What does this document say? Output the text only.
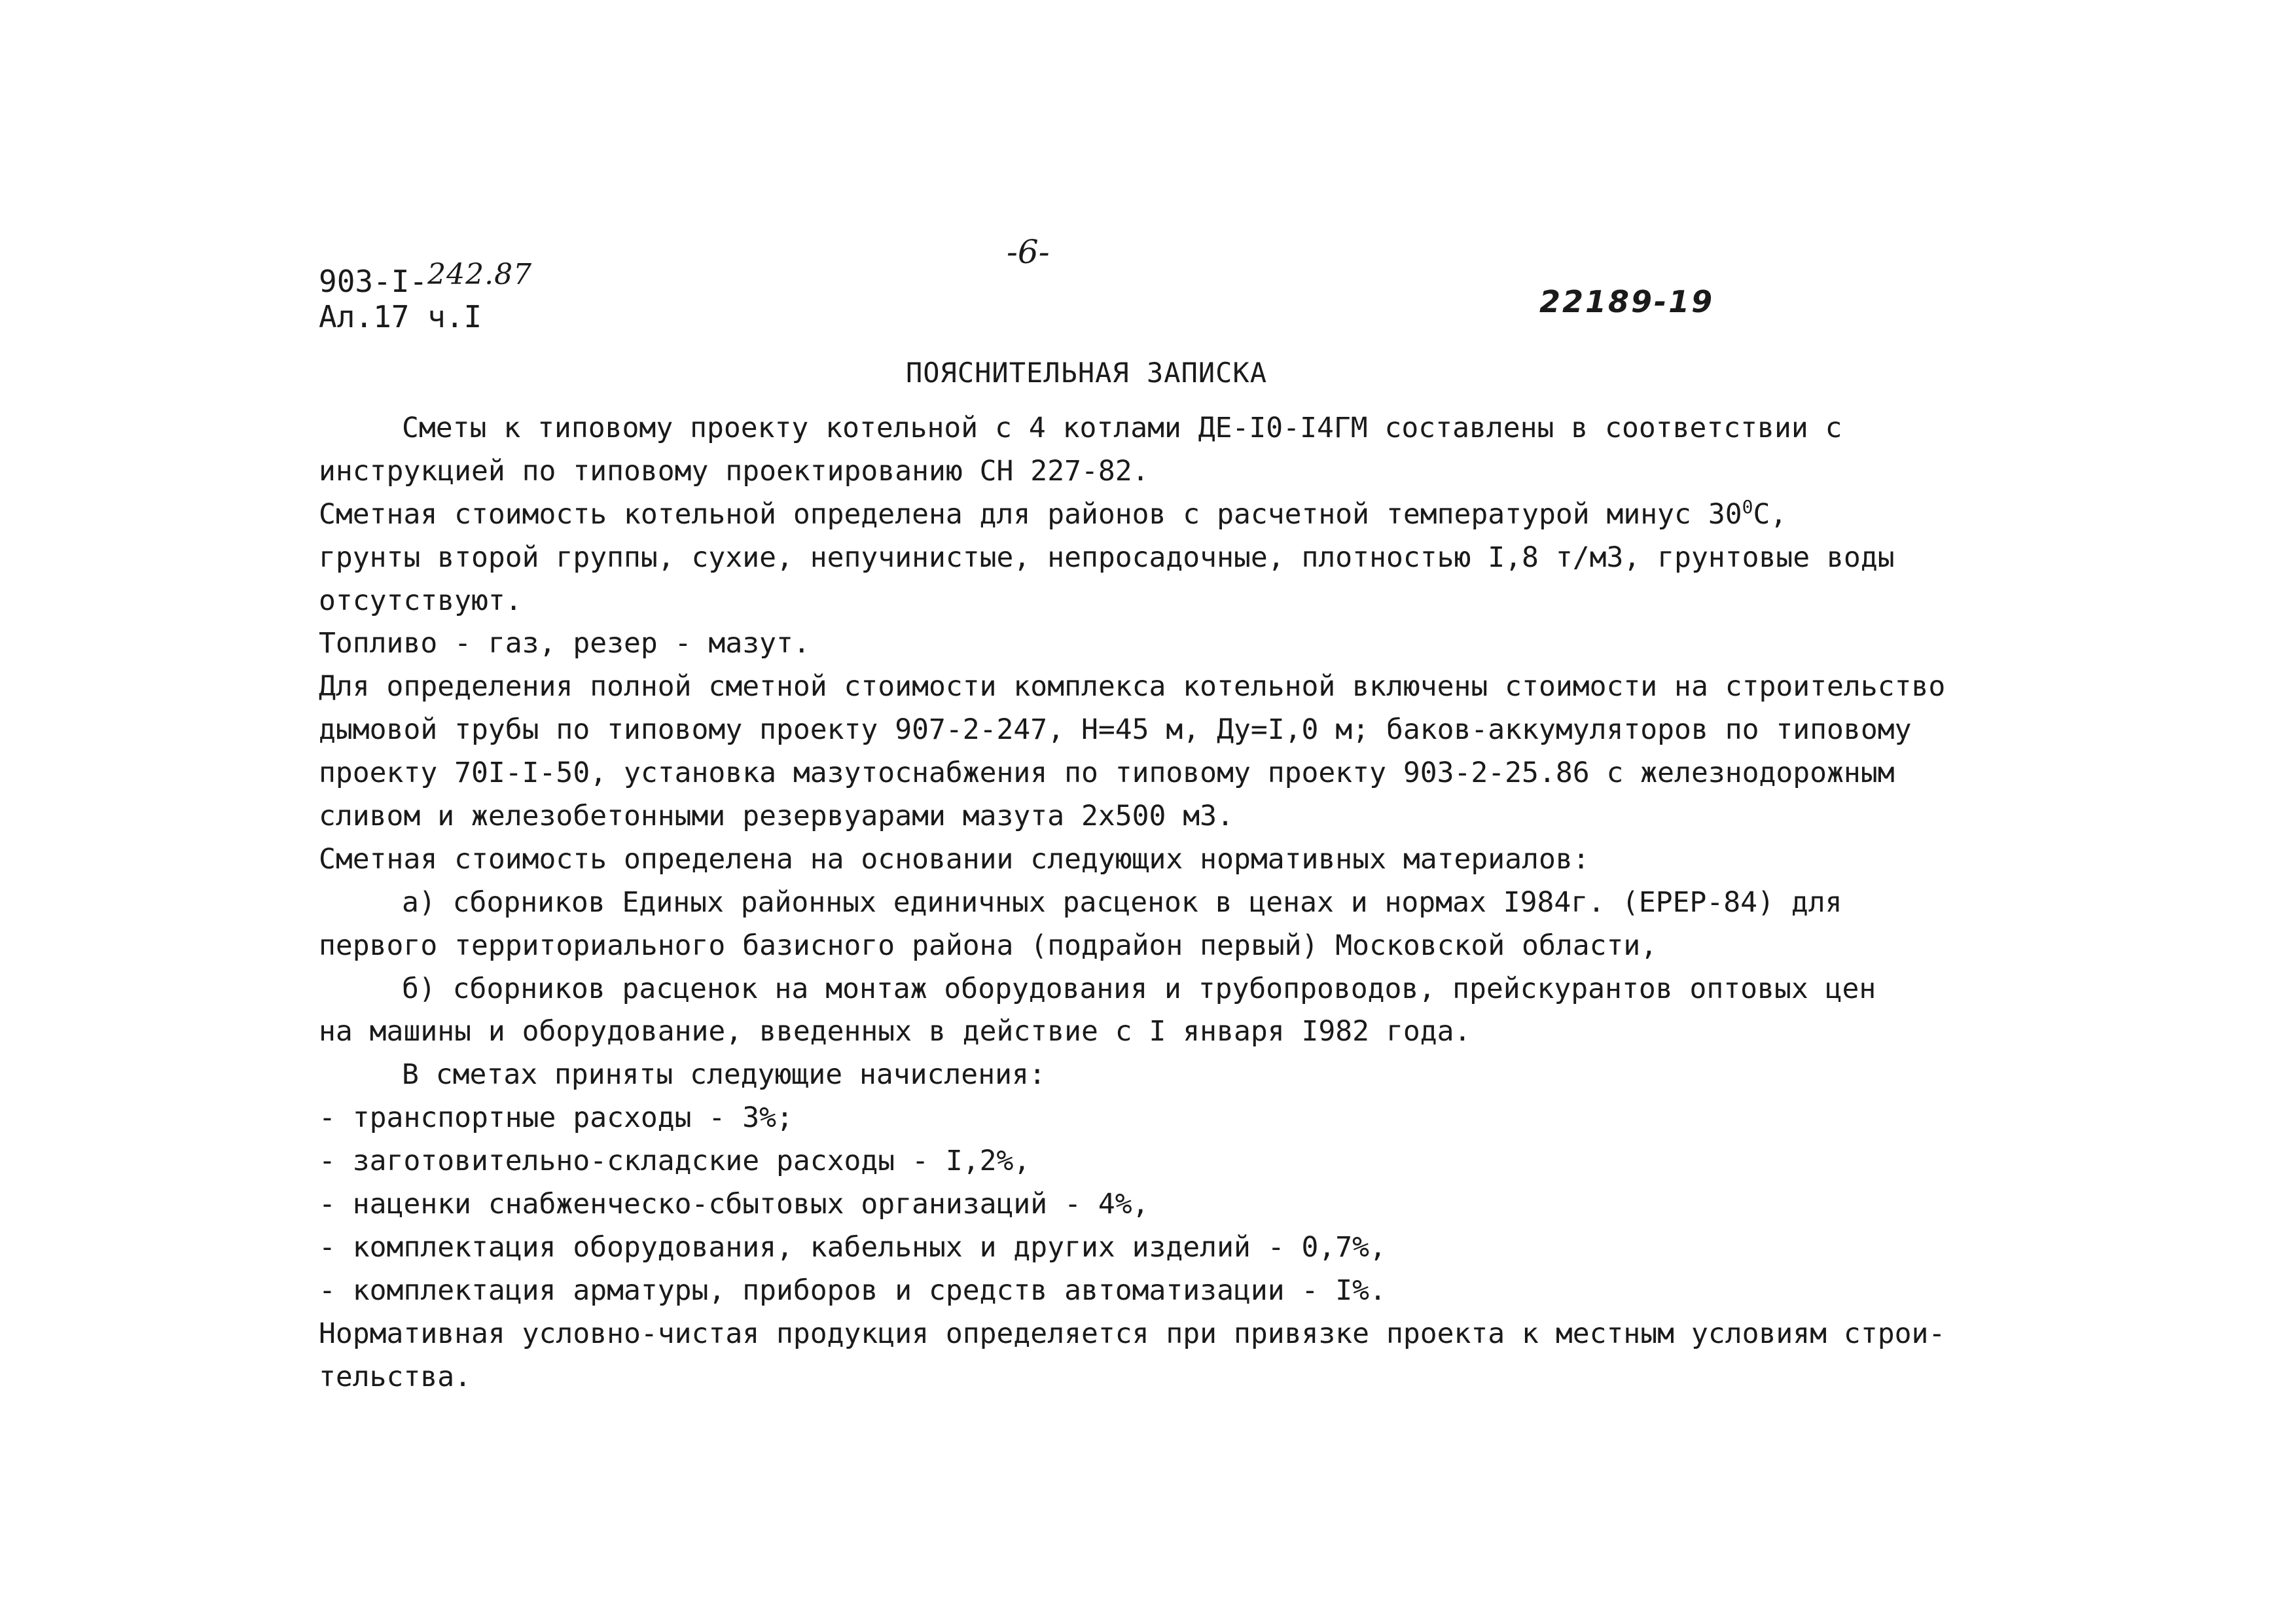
903-I-242.87
Ал.17 ч.I
-6-
22189-19
ПОЯСНИТЕЛЬНАЯ ЗАПИСКА
Сметы к типовому проекту котельной с 4 котлами ДЕ-I0-I4ГМ составлены в соответствии с
инструкцией по типовому проектированию СН 227-82.
Сметная стоимость котельной определена для районов с расчетной температурой минус $30^0С$,
грунты второй группы, сухие, непучинистые, непросадочные, плотностью I,8 т/м3, грунтовые воды
отсутствуют.
Топливо - газ, резер - мазут.
Для определения полной сметной стоимости комплекса котельной включены стоимости на строительство
дымовой трубы по типовому проекту 907-2-247, Н=45 м, Ду=I,0 м; баков-аккумуляторов по типовому
проекту 70I-I-50, установка мазутоснабжения по типовому проекту 903-2-25.86 с железнодорожным
сливом и железобетонными резервуарами мазута 2х500 м3.
Сметная стоимость определена на основании следующих нормативных материалов:
а) сборников Единых районных единичных расценок в ценах и нормах I984г. (ЕРЕР-84) для
первого территориального базисного района (подрайон первый) Московской области,
б) сборников расценок на монтаж оборудования и трубопроводов, прейскурантов оптовых цен
на машины и оборудование, введенных в действие с I января I982 года.
В сметах приняты следующие начисления:
- транспортные расходы - 3%;
- заготовительно-складские расходы - I,2%,
- наценки снабженческо-сбытовых организаций - 4%,
- комплектация оборудования, кабельных и других изделий - 0,7%,
- комплектация арматуры, приборов и средств автоматизации - I%.
Нормативная условно-чистая продукция определяется при привязке проекта к местным условиям строи-
тельства.
